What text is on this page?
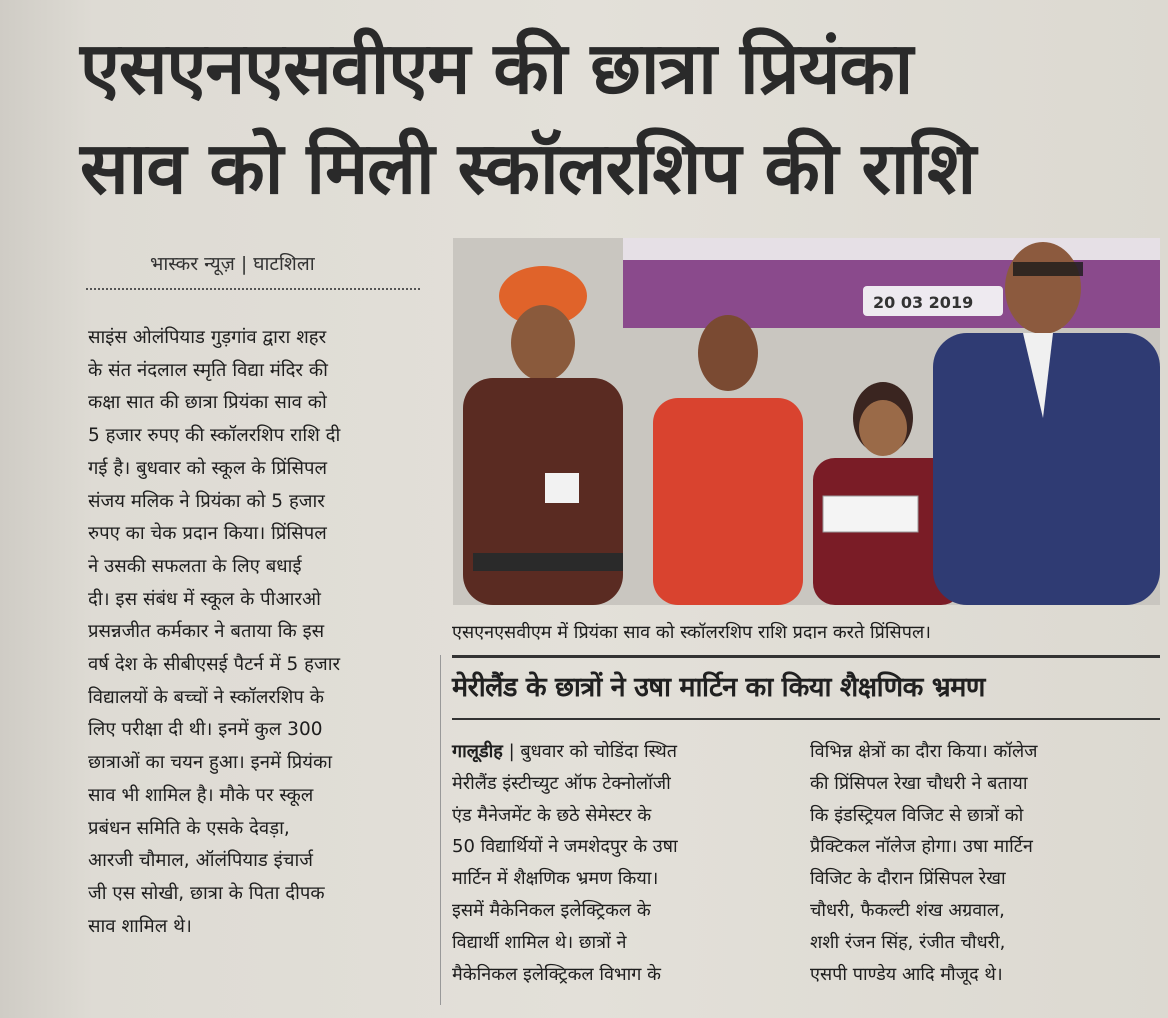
एसएनएसवीएम की छात्रा प्रियंका
साव को मिली स्कॉलरशिप की राशि
भास्कर न्यूज़ | घाटशिला
साइंस ओलंपियाड गुड़गांव द्वारा शहर
के संत नंदलाल स्मृति विद्या मंदिर की
कक्षा सात की छात्रा प्रियंका साव को
5 हजार रुपए की स्कॉलरशिप राशि दी
गई है। बुधवार को स्कूल के प्रिंसिपल
संजय मलिक ने प्रियंका को 5 हजार
रुपए का चेक प्रदान किया। प्रिंसिपल
ने उसकी सफलता के लिए बधाई
दी। इस संबंध में स्कूल के पीआरओ
प्रसन्नजीत कर्मकार ने बताया कि इस
वर्ष देश के सीबीएसई पैटर्न में 5 हजार
विद्यालयों के बच्चों ने स्कॉलरशिप के
लिए परीक्षा दी थी। इनमें कुल 300
छात्राओं का चयन हुआ। इनमें प्रियंका
साव भी शामिल है। मौके पर स्कूल
प्रबंधन समिति के एसके देवड़ा,
आरजी चौमाल, ऑलंपियाड इंचार्ज
जी एस सोखी, छात्रा के पिता दीपक
साव शामिल थे।
20 03 2019
एसएनएसवीएम में प्रियंका साव को स्कॉलरशिप राशि प्रदान करते प्रिंसिपल।
मेरीलैंड के छात्रों ने उषा मार्टिन का किया शैक्षणिक भ्रमण
गालूडीह | बुधवार को चोडिंदा स्थित
मेरीलैंड इंस्टीच्युट ऑफ टेक्नोलॉजी
एंड मैनेजमेंट के छठे सेमेस्टर के
50 विद्यार्थियों ने जमशेदपुर के उषा
मार्टिन में शैक्षणिक भ्रमण किया।
इसमें मैकेनिकल इलेक्ट्रिकल के
विद्यार्थी शामिल थे। छात्रों ने
मैकेनिकल इलेक्ट्रिकल विभाग के
विभिन्न क्षेत्रों का दौरा किया। कॉलेज
की प्रिंसिपल रेखा चौधरी ने बताया
कि इंडस्ट्रियल विजिट से छात्रों को
प्रैक्टिकल नॉलेज होगा। उषा मार्टिन
विजिट के दौरान प्रिंसिपल रेखा
चौधरी, फैकल्टी शंख अग्रवाल,
शशी रंजन सिंह, रंजीत चौधरी,
एसपी पाण्डेय आदि मौजूद थे।
